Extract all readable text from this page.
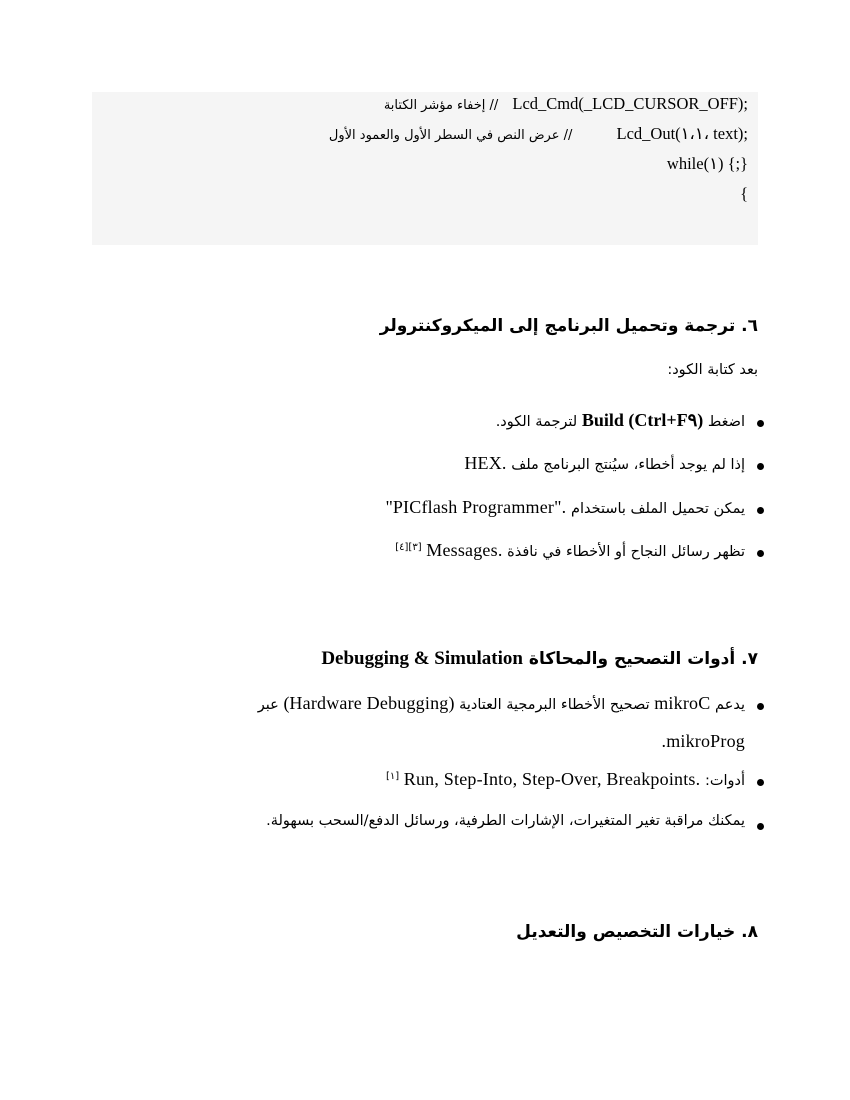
Lcd_Cmd(_LCD_CURSOR_OFF); // إخفاء مؤشر الكتابة
Lcd_Out(١،١، text); // عرض النص في السطر الأول والعمود الأول
while(١) {;}
}
٦. ترجمة وتحميل البرنامج إلى الميكروكنترولر
بعد كتابة الكود:
اضغط Build (Ctrl+F٩) لترجمة الكود.
إذا لم يوجد أخطاء، سيُنتج البرنامج ملف HEX.
يمكن تحميل الملف باستخدام "PICflash Programmer".
تظهر رسائل النجاح أو الأخطاء في نافذة [٤][٣] Messages.
٧. أدوات التصحيح والمحاكاة Debugging & Simulation
يدعم mikroC تصحيح الأخطاء البرمجية العتادية (Hardware Debugging) عبر
mikroProg.
أدوات: [١] Run, Step-Into, Step-Over, Breakpoints.
يمكنك مراقبة تغير المتغيرات، الإشارات الطرفية، ورسائل الدفع/السحب بسهولة.
٨. خيارات التخصيص والتعديل
